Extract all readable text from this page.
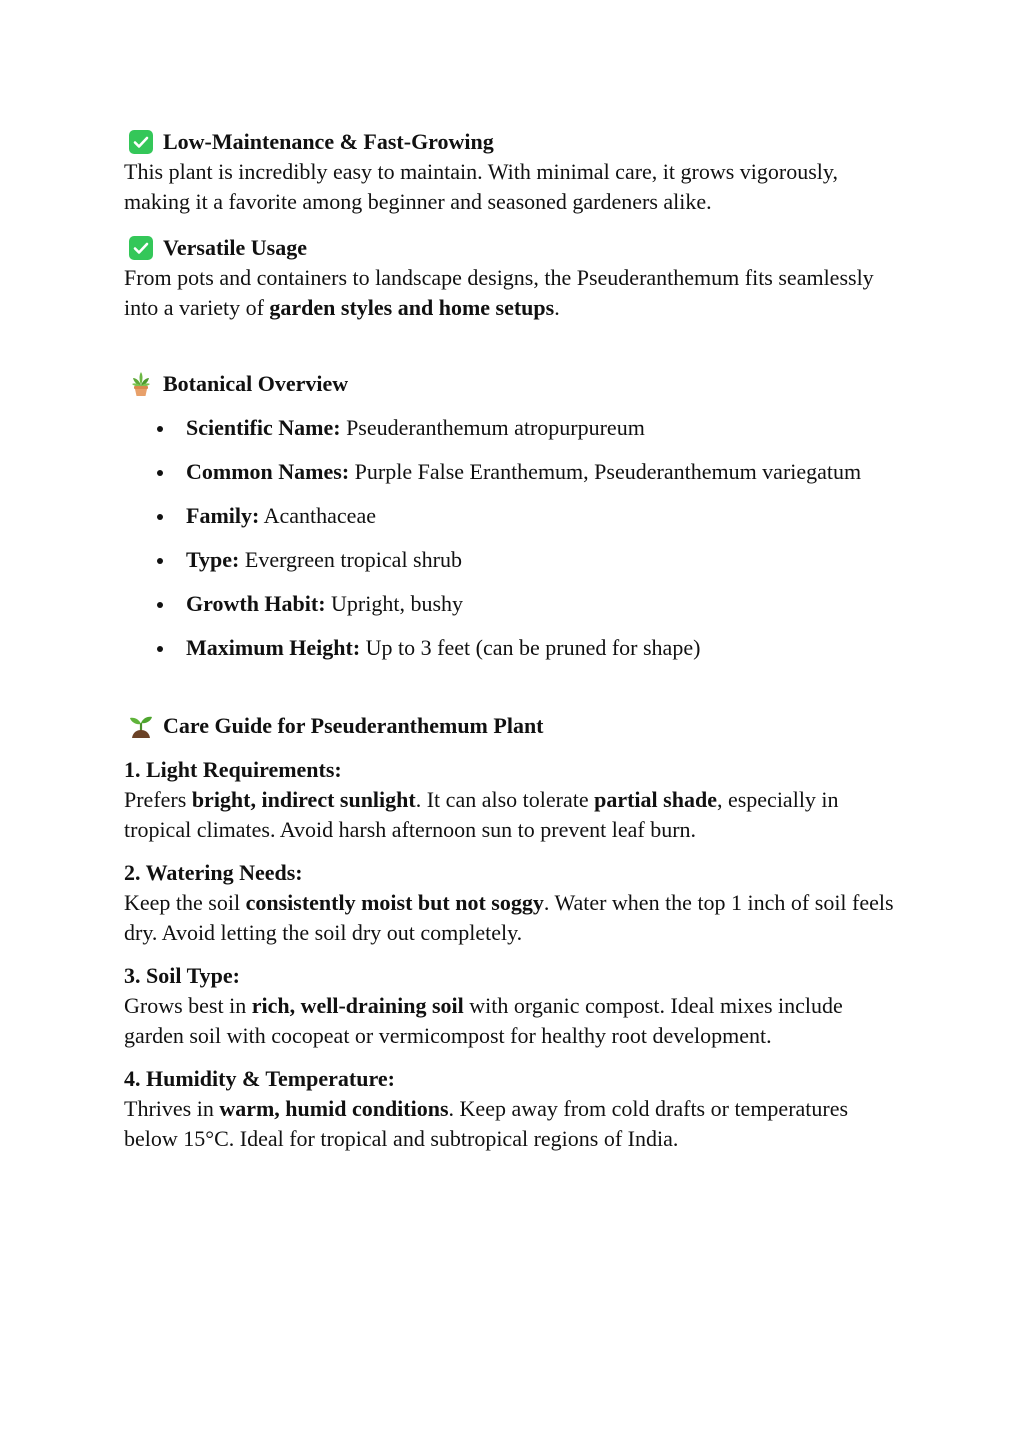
Low-Maintenance & Fast-Growing
This plant is incredibly easy to maintain. With minimal care, it grows vigorously, making it a favorite among beginner and seasoned gardeners alike.
Versatile Usage
From pots and containers to landscape designs, the Pseuderanthemum fits seamlessly into a variety of garden styles and home setups.
Botanical Overview
Scientific Name: Pseuderanthemum atropurpureum
Common Names: Purple False Eranthemum, Pseuderanthemum variegatum
Family: Acanthaceae
Type: Evergreen tropical shrub
Growth Habit: Upright, bushy
Maximum Height: Up to 3 feet (can be pruned for shape)
Care Guide for Pseuderanthemum Plant
1. Light Requirements:
Prefers bright, indirect sunlight. It can also tolerate partial shade, especially in tropical climates. Avoid harsh afternoon sun to prevent leaf burn.
2. Watering Needs:
Keep the soil consistently moist but not soggy. Water when the top 1 inch of soil feels dry. Avoid letting the soil dry out completely.
3. Soil Type:
Grows best in rich, well-draining soil with organic compost. Ideal mixes include garden soil with cocopeat or vermicompost for healthy root development.
4. Humidity & Temperature:
Thrives in warm, humid conditions. Keep away from cold drafts or temperatures below 15°C. Ideal for tropical and subtropical regions of India.
